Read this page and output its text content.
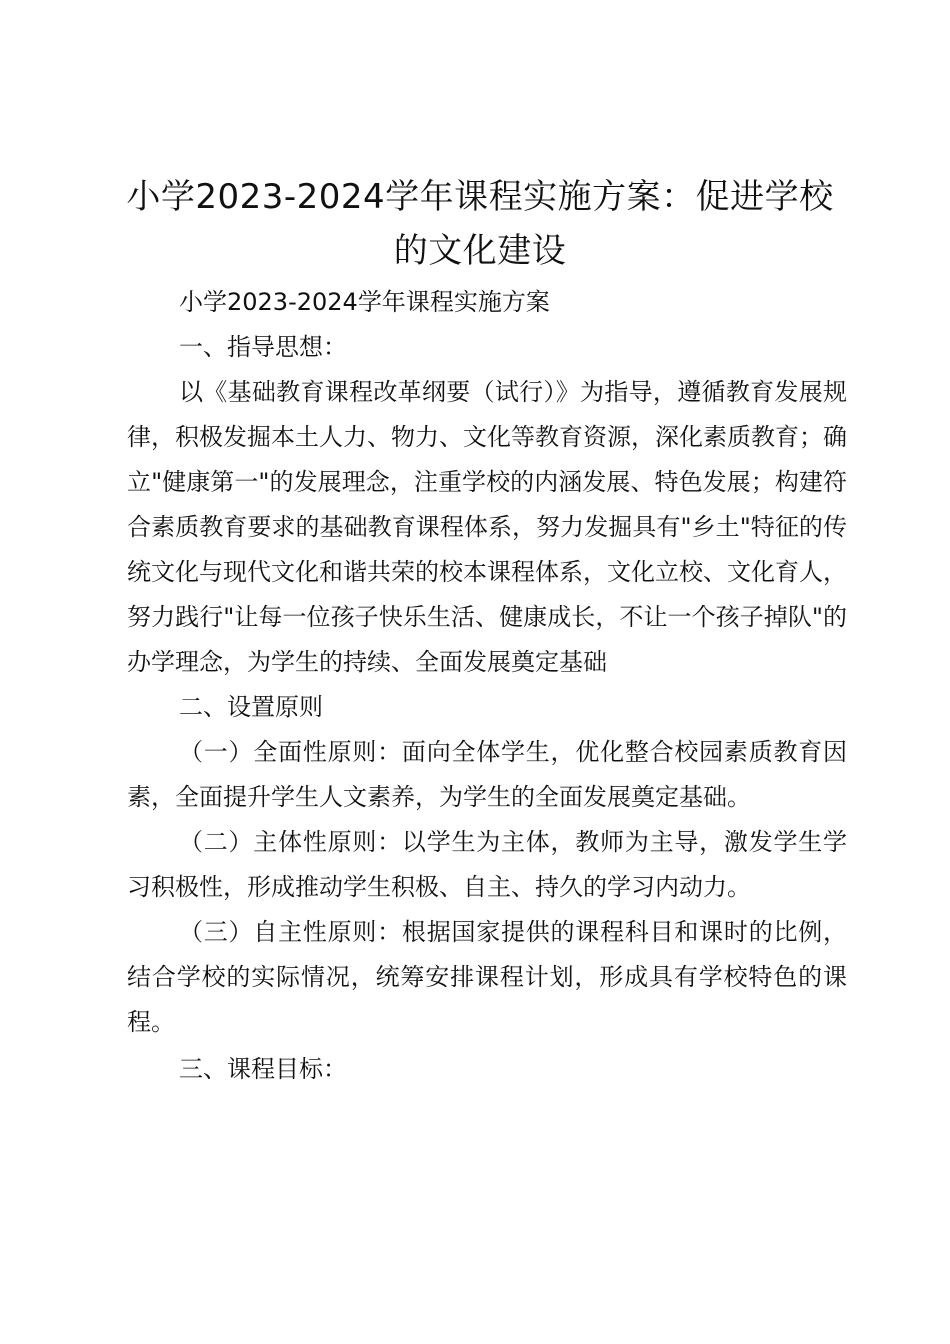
小学2023-2024学年课程实施方案：促进学校的文化建设

小学2023-2024学年课程实施方案

一、指导思想：

以《基础教育课程改革纲要（试行）》为指导，遵循教育发展规律，积极发掘本土人力、物力、文化等教育资源，深化素质教育；确立"健康第一"的发展理念，注重学校的内涵发展、特色发展；构建符合素质教育要求的基础教育课程体系，努力发掘具有"乡土"特征的传统文化与现代文化和谐共荣的校本课程体系，文化立校、文化育人，努力践行"让每一位孩子快乐生活、健康成长，不让一个孩子掉队"的办学理念，为学生的持续、全面发展奠定基础

二、设置原则

（一）全面性原则：面向全体学生，优化整合校园素质教育因素，全面提升学生人文素养，为学生的全面发展奠定基础。

（二）主体性原则：以学生为主体，教师为主导，激发学生学习积极性，形成推动学生积极、自主、持久的学习内动力。

（三）自主性原则：根据国家提供的课程科目和课时的比例，结合学校的实际情况，统筹安排课程计划，形成具有学校特色的课程。

三、课程目标：
